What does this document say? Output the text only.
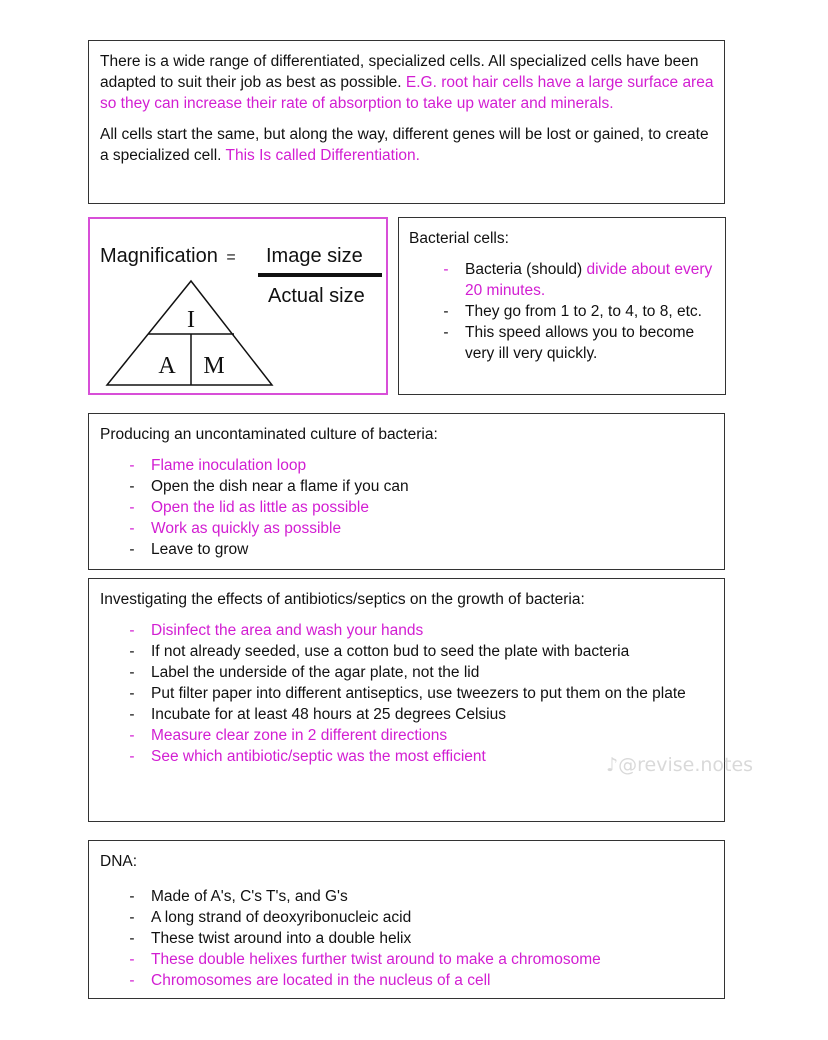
There is a wide range of differentiated, specialized cells. All specialized cells have been adapted to suit their job as best as possible. E.G. root hair cells have a large surface area so they can increase their rate of absorption to take up water and minerals.

All cells start the same, but along the way, different genes will be lost or gained, to create a specialized cell. This Is called Differentiation.

Magnification = Image size
Actual size
I
A M

Bacterial cells:

- Bacteria (should) divide about every 20 minutes.
- They go from 1 to 2, to 4, to 8, etc.
- This speed allows you to become very ill very quickly.

Producing an uncontaminated culture of bacteria:

- Flame inoculation loop
- Open the dish near a flame if you can
- Open the lid as little as possible
- Work as quickly as possible
- Leave to grow

Investigating the effects of antibiotics/septics on the growth of bacteria:

- Disinfect the area and wash your hands
- If not already seeded, use a cotton bud to seed the plate with bacteria
- Label the underside of the agar plate, not the lid
- Put filter paper into different antiseptics, use tweezers to put them on the plate
- Incubate for at least 48 hours at 25 degrees Celsius
- Measure clear zone in 2 different directions
- See which antibiotic/septic was the most efficient	♪@revise.notes

DNA:

- Made of A's, C's T's, and G's
- A long strand of deoxyribonucleic acid
- These twist around into a double helix
- These double helixes further twist around to make a chromosome
- Chromosomes are located in the nucleus of a cell
